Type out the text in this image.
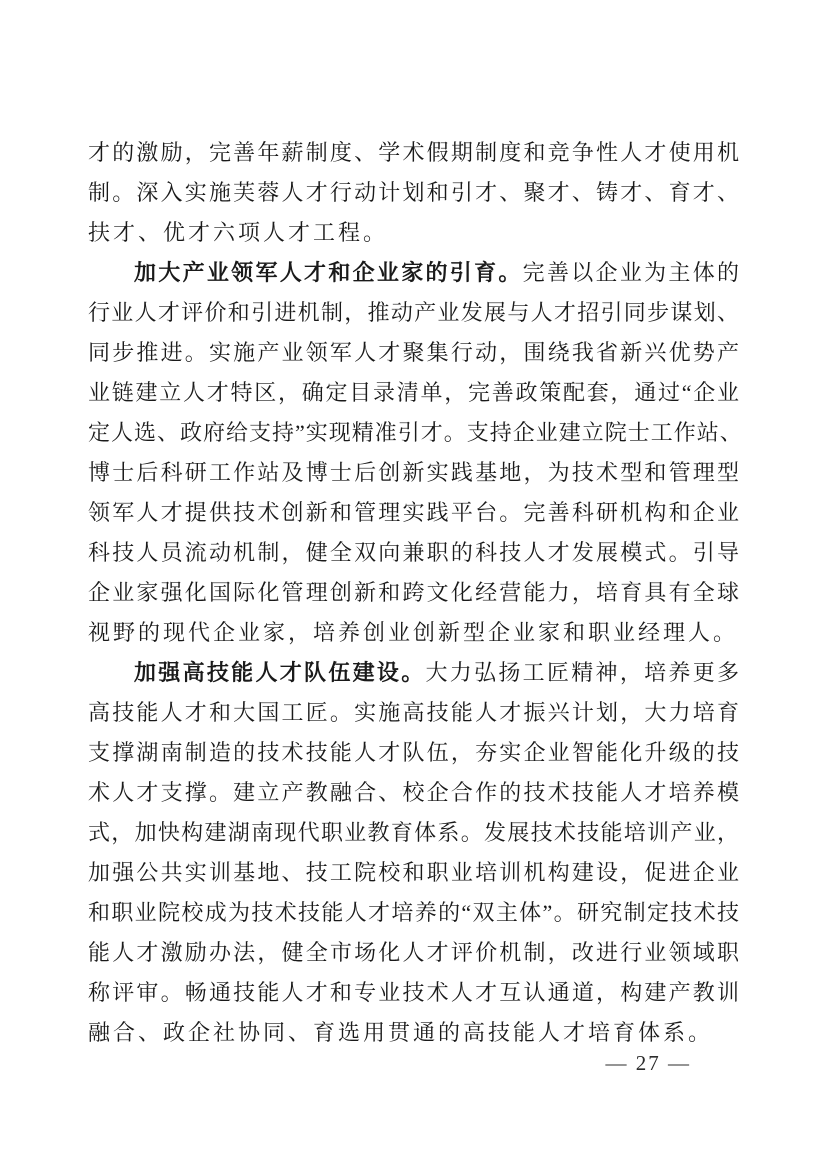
才的激励，完善年薪制度、学术假期制度和竞争性人才使用机
制。深入实施芙蓉人才行动计划和引才、聚才、铸才、育才、
扶才、优才六项人才工程。
加大产业领军人才和企业家的引育。完善以企业为主体的
行业人才评价和引进机制，推动产业发展与人才招引同步谋划、
同步推进。实施产业领军人才聚集行动，围绕我省新兴优势产
业链建立人才特区，确定目录清单，完善政策配套，通过“企业
定人选、政府给支持”实现精准引才。支持企业建立院士工作站、
博士后科研工作站及博士后创新实践基地，为技术型和管理型
领军人才提供技术创新和管理实践平台。完善科研机构和企业
科技人员流动机制，健全双向兼职的科技人才发展模式。引导
企业家强化国际化管理创新和跨文化经营能力，培育具有全球
视野的现代企业家，培养创业创新型企业家和职业经理人。
加强高技能人才队伍建设。大力弘扬工匠精神，培养更多
高技能人才和大国工匠。实施高技能人才振兴计划，大力培育
支撑湖南制造的技术技能人才队伍，夯实企业智能化升级的技
术人才支撑。建立产教融合、校企合作的技术技能人才培养模
式，加快构建湖南现代职业教育体系。发展技术技能培训产业，
加强公共实训基地、技工院校和职业培训机构建设，促进企业
和职业院校成为技术技能人才培养的“双主体”。研究制定技术技
能人才激励办法，健全市场化人才评价机制，改进行业领域职
称评审。畅通技能人才和专业技术人才互认通道，构建产教训
融合、政企社协同、育选用贯通的高技能人才培育体系。
— 27 —
